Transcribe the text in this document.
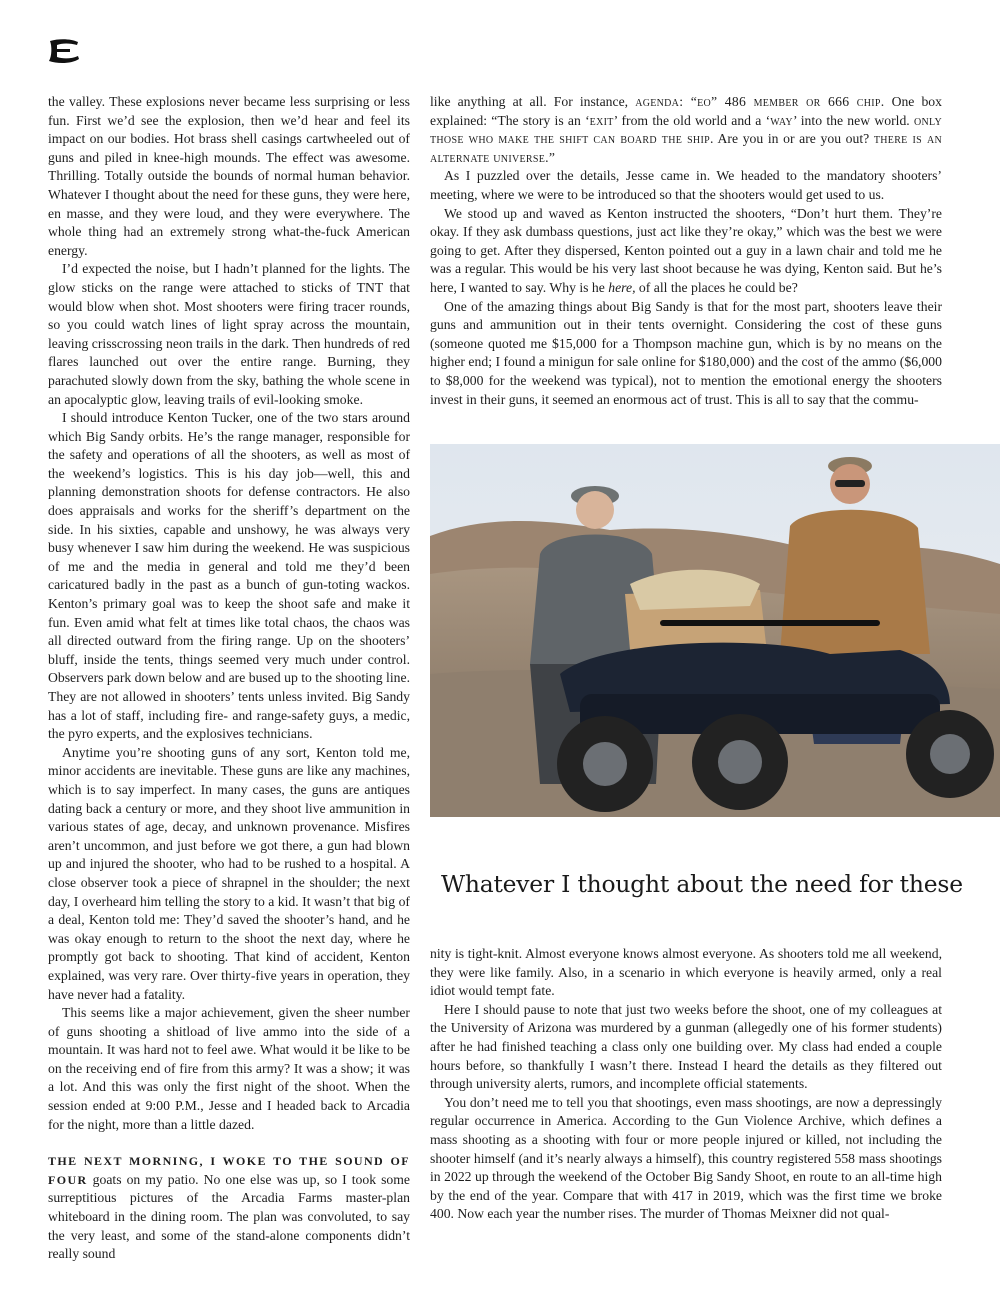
the valley. These explosions never became less surprising or less fun. First we’d see the explosion, then we’d hear and feel its impact on our bodies. Hot brass shell casings cartwheeled out of guns and piled in knee-high mounds. The effect was awesome. Thrilling. Totally outside the bounds of normal human behavior. Whatever I thought about the need for these guns, they were here, en masse, and they were loud, and they were everywhere. The whole thing had an extremely strong what-the-fuck American energy.

I’d expected the noise, but I hadn’t planned for the lights. The glow sticks on the range were attached to sticks of TNT that would blow when shot. Most shooters were firing tracer rounds, so you could watch lines of light spray across the mountain, leaving crisscrossing neon trails in the dark. Then hundreds of red flares launched out over the entire range. Burning, they parachuted slowly down from the sky, bathing the whole scene in an apocalyptic glow, leaving trails of evil-looking smoke.

I should introduce Kenton Tucker, one of the two stars around which Big Sandy orbits. He’s the range manager, responsible for the safety and operations of all the shooters, as well as most of the weekend’s logistics. This is his day job—well, this and planning demonstration shoots for defense contractors. He also does appraisals and works for the sheriff’s department on the side. In his sixties, capable and unshowy, he was always very busy whenever I saw him during the weekend. He was suspicious of me and the media in general and told me they’d been caricatured badly in the past as a bunch of gun-toting wackos. Kenton’s primary goal was to keep the shoot safe and make it fun. Even amid what felt at times like total chaos, the chaos was all directed outward from the firing range. Up on the shooters’ bluff, inside the tents, things seemed very much under control. Observers park down below and are bused up to the shooting line. They are not allowed in shooters’ tents unless invited. Big Sandy has a lot of staff, including fire- and range-safety guys, a medic, the pyro experts, and the explosives technicians.

Anytime you’re shooting guns of any sort, Kenton told me, minor accidents are inevitable. These guns are like any machines, which is to say imperfect. In many cases, the guns are antiques dating back a century or more, and they shoot live ammunition in various states of age, decay, and unknown provenance. Misfires aren’t uncommon, and just before we got there, a gun had blown up and injured the shooter, who had to be rushed to a hospital. A close observer took a piece of shrapnel in the shoulder; the next day, I overheard him telling the story to a kid. It wasn’t that big of a deal, Kenton told me: They’d saved the shooter’s hand, and he was okay enough to return to the shoot the next day, where he promptly got back to shooting. That kind of accident, Kenton explained, was very rare. Over thirty-five years in operation, they have never had a fatality.

This seems like a major achievement, given the sheer number of guns shooting a shitload of live ammo into the side of a mountain. It was hard not to feel awe. What would it be like to be on the receiving end of fire from this army? It was a show; it was a lot. And this was only the first night of the shoot. When the session ended at 9:00 P.M., Jesse and I headed back to Arcadia for the night, more than a little dazed.

THE NEXT MORNING, I WOKE TO THE SOUND OF FOUR goats on my patio. No one else was up, so I took some surreptitious pictures of the Arcadia Farms master-plan whiteboard in the dining room. The plan was convoluted, to say the very least, and some of the stand-alone components didn’t really sound

like anything at all. For instance, agenda: “eo” 486 member or 666 chip. One box explained: “The story is an ‘exit’ from the old world and a ‘way’ into the new world. only those who make the shift can board the ship. Are you in or are you out? there is an alternate universe.”

As I puzzled over the details, Jesse came in. We headed to the mandatory shooters’ meeting, where we were to be introduced so that the shooters would get used to us.

We stood up and waved as Kenton instructed the shooters, “Don’t hurt them. They’re okay. If they ask dumbass questions, just act like they’re okay,” which was the best we were going to get. After they dispersed, Kenton pointed out a guy in a lawn chair and told me he was a regular. This would be his very last shoot because he was dying, Kenton said. But he’s here, I wanted to say. Why is he here, of all the places he could be?

One of the amazing things about Big Sandy is that for the most part, shooters leave their guns and ammunition out in their tents overnight. Considering the cost of these guns (someone quoted me $15,000 for a Thompson machine gun, which is by no means on the higher end; I found a minigun for sale online for $180,000) and the cost of the ammo ($6,000 to $8,000 for the weekend was typical), not to mention the emotional energy the shooters invest in their guns, it seemed an enormous act of trust. This is all to say that the commu-

Whatever I thought about the need for these

nity is tight-knit. Almost everyone knows almost everyone. As shooters told me all weekend, they were like family. Also, in a scenario in which everyone is heavily armed, only a real idiot would tempt fate.

Here I should pause to note that just two weeks before the shoot, one of my colleagues at the University of Arizona was murdered by a gunman (allegedly one of his former students) after he had finished teaching a class only one building over. My class had ended a couple hours before, so thankfully I wasn’t there. Instead I heard the details as they filtered out through university alerts, rumors, and incomplete official statements.

You don’t need me to tell you that shootings, even mass shootings, are now a depressingly regular occurrence in America. According to the Gun Violence Archive, which defines a mass shooting as a shooting with four or more people injured or killed, not including the shooter himself (and it’s nearly always a himself), this country registered 558 mass shootings in 2022 up through the weekend of the October Big Sandy Shoot, en route to an all-time high by the end of the year. Compare that with 417 in 2019, which was the first time we broke 400. Now each year the number rises. The murder of Thomas Meixner did not qual-
